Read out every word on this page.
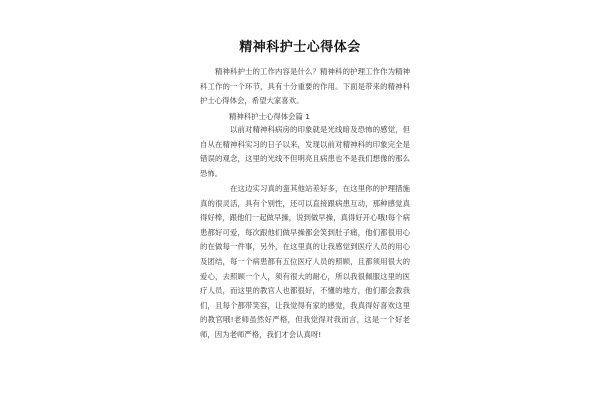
精神科护士心得体会

精神科护士的工作内容是什么？精神科的护理工作作为精神科工作的一个环节，具有十分重要的作用。下面是带来的精神科护士心得体会，希望大家喜欢。

精神科护士心得体会篇 1

以前对精神科病房的印象就是光线暗及恐怖的感觉，但自从在精神科实习的日子以来，发现以前对精神科的印象完全是错误的观念，这里的光线不但明亮且病患也不是我们想像的那么恐怖。

在这边实习真的蛮其他站差好多，在这里你的护理措施真的很灵活，具有个别性，还可以直接跟病患互动，那种感觉真得好棒，跟他们一起做早操，说到做早操，真得好开心哦!每个病患都好可爱，每次跟他们做早操都会笑到肚子痛，他们都很用心的在做每一件事，另外，在这里真的让我感觉到医疗人员的用心及团结，每一个病患都有五位医疗人员的照顾，且都须用很大的爱心，去照顾一个人，须有很大的耐心，所以我很佩服这里的医疗人员，而这里的教官人也都很好，不懂的地方，他们都会教我们，且每个都带笑容，让我觉得有家的感觉，我真得好喜欢这里的教官哦!老师虽然好严格，但我觉得对我而言，这是一个好老师，因为老师严格，我们才会认真呀!
